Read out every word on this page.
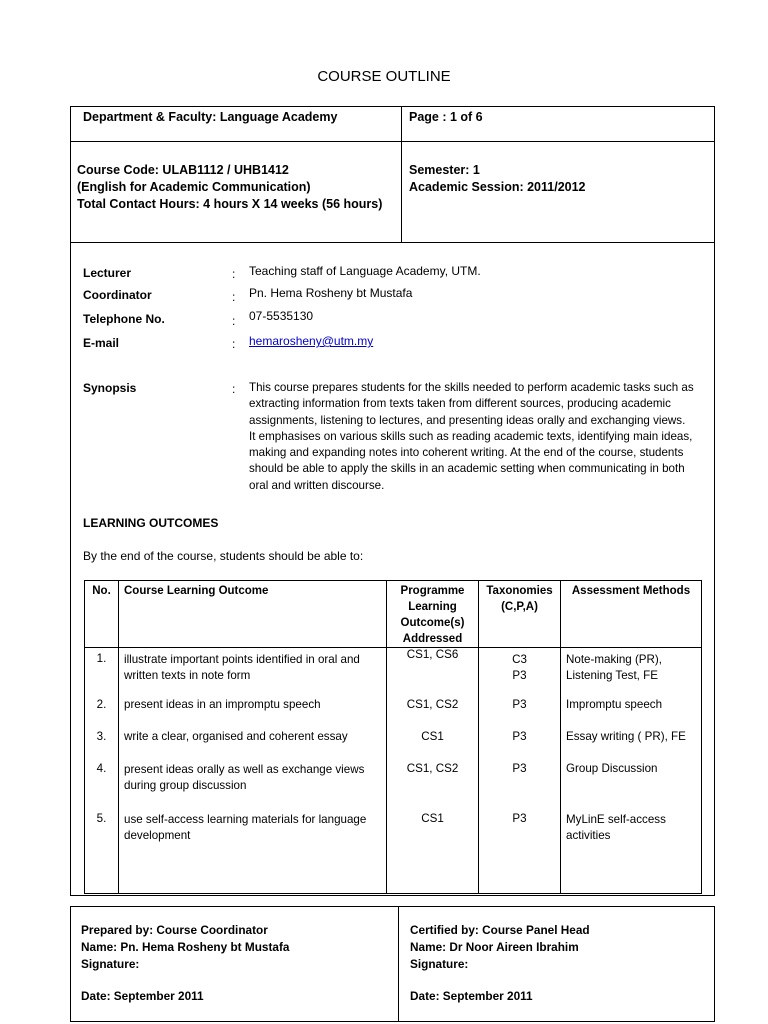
COURSE OUTLINE
Department & Faculty: Language Academy	Page : 1 of 6
Course Code: ULAB1112 / UHB1412
(English for Academic Communication)
Total Contact Hours: 4 hours X 14 weeks (56 hours)
Semester: 1
Academic Session: 2011/2012
Lecturer	: Teaching staff of Language Academy, UTM.
Coordinator	: Pn. Hema Rosheny bt Mustafa
Telephone No.	: 07-5535130
E-mail	: hemarosheny@utm.my
Synopsis	: This course prepares students for the skills needed to perform academic tasks such as
extracting information from texts taken from different sources, producing academic
assignments, listening to lectures, and presenting ideas orally and exchanging views.
It emphasises on various skills such as reading academic texts, identifying main ideas,
making and expanding notes into coherent writing. At the end of the course, students
should be able to apply the skills in an academic setting when communicating in both
oral and written discourse.
LEARNING OUTCOMES
By the end of the course, students should be able to:
No.	Course Learning Outcome	Programme Learning Outcome(s) Addressed	Taxonomies (C,P,A)	Assessment Methods
1.	illustrate important points identified in oral and written texts in note form	CS1, CS6	C3
P3	Note-making (PR), Listening Test, FE
2.	present ideas in an impromptu speech	CS1, CS2	P3	Impromptu speech
3.	write a clear, organised and coherent essay	CS1	P3	Essay writing ( PR), FE
4.	present ideas orally as well as exchange views during group discussion	CS1, CS2	P3	Group Discussion
5.	use self-access learning materials for language development	CS1	P3	MyLinE self-access activities
Prepared by: Course Coordinator
Name: Pn. Hema Rosheny bt Mustafa
Signature:
Date: September 2011
Certified by: Course Panel Head
Name: Dr Noor Aireen Ibrahim
Signature:
Date: September 2011
